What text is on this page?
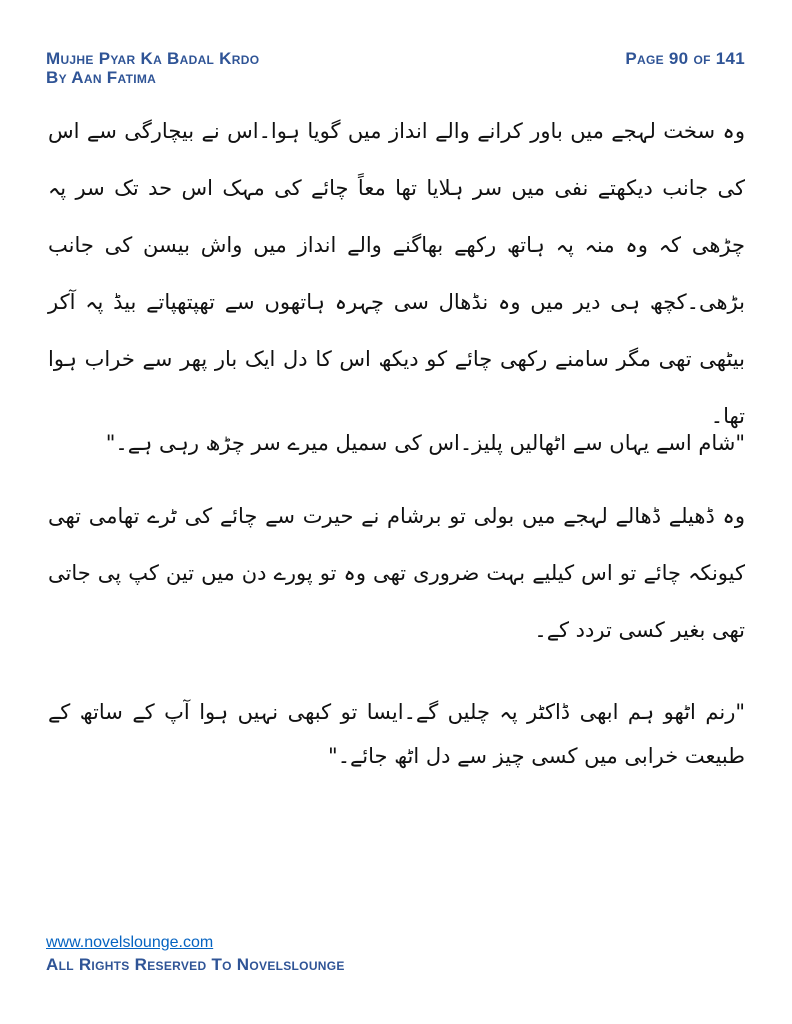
Mujhe Pyar Ka Badal Krdo
By Aan Fatima
Page 90 of 141
وہ سخت لہجے میں باور کرانے والے انداز میں گویا ہوا۔اس نے بیچارگی سے اس کی جانب دیکھتے نفی میں سر ہلایا تھا معاً چائے کی مہک اس حد تک سر پہ چڑھی کہ وہ منہ پہ ہاتھ رکھے بھاگنے والے انداز میں واش بیسن کی جانب بڑھی۔کچھ ہی دیر میں وہ نڈھال سی چہرہ ہاتھوں سے تھپتھپاتے بیڈ پہ آکر بیٹھی تھی مگر سامنے رکھی چائے کو دیکھ اس کا دل ایک بار پھر سے خراب ہوا تھا۔
"شام اسے یہاں سے اٹھالیں پلیز۔اس کی سمیل میرے سر چڑھ رہی ہے۔"
وہ ڈھیلے ڈھالے لہجے میں بولی تو برشام نے حیرت سے چائے کی ٹرے تھامی تھی کیونکہ چائے تو اس کیلیے بہت ضروری تھی وہ تو پورے دن میں تین کپ پی جاتی تھی بغیر کسی تردد کے۔
"رنم اٹھو ہم ابھی ڈاکٹر پہ چلیں گے۔ایسا تو کبھی نہیں ہوا آپ کے ساتھ کے طبیعت خرابی میں کسی چیز سے دل اٹھ جائے۔"
www.novelslounge.com
All Rights Reserved To Novelslounge
